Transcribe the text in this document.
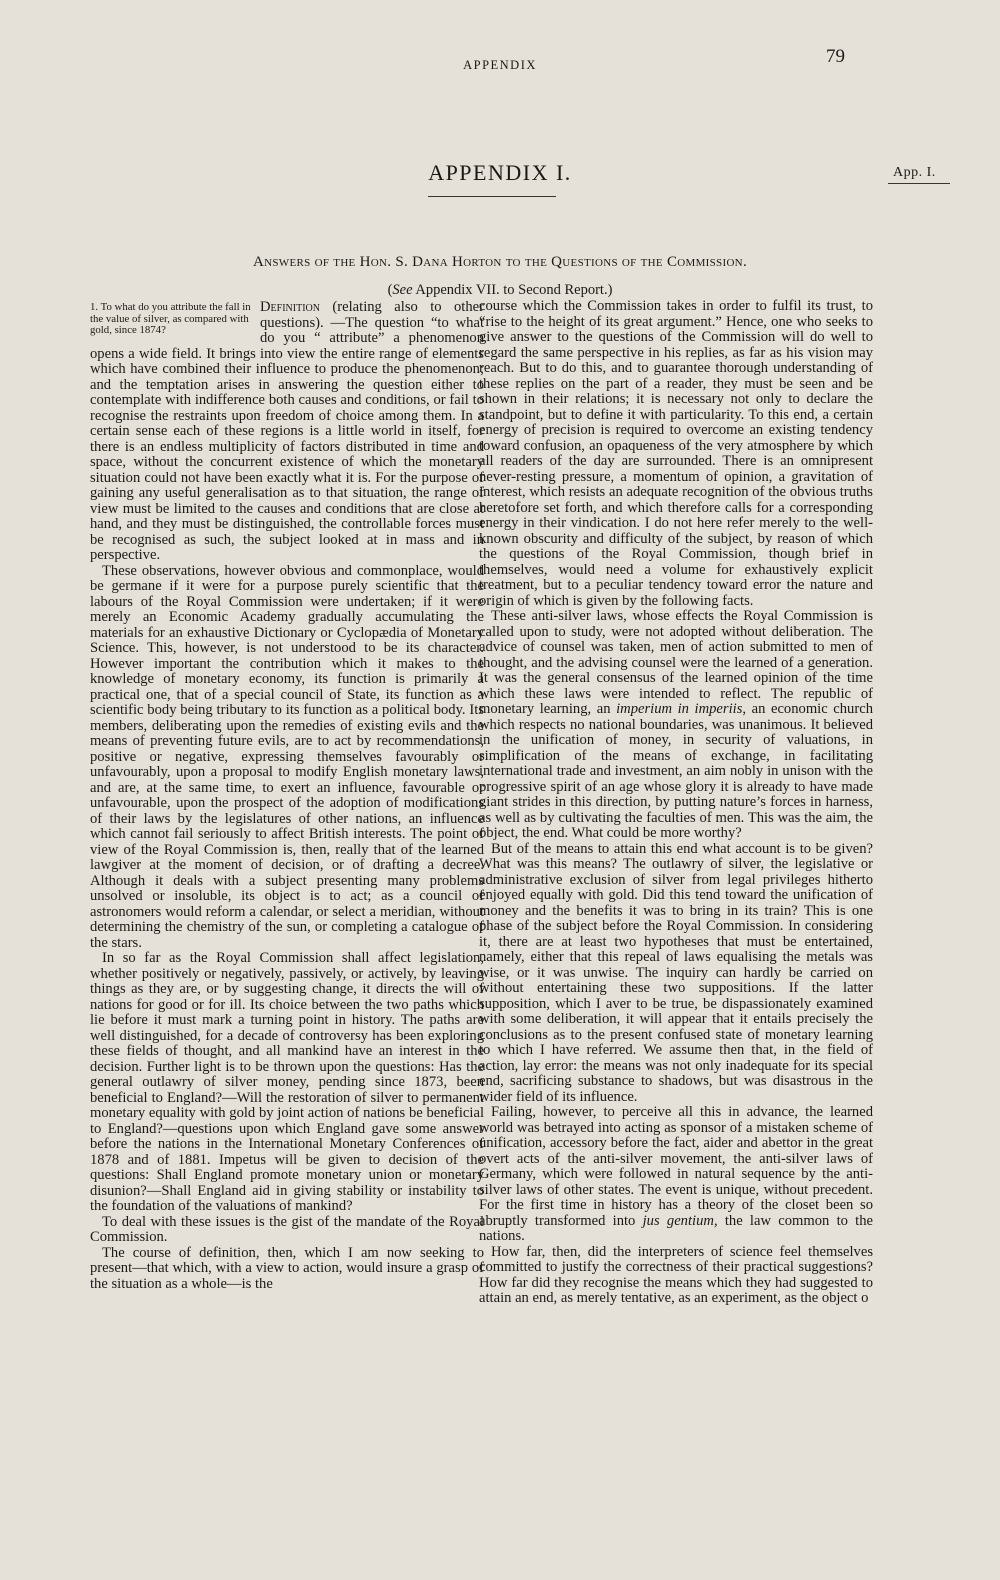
APPENDIX	79
APPENDIX I.	App. I.
Answers of the Hon. S. Dana Horton to the Questions of the Commission.
(See Appendix VII. to Second Report.)

1. To what do you attribute the fall in the value of silver, as compared with gold, since 1874?
Definition (relating also to other questions). —The question “to what do you “ attribute” a phenomenon opens a wide field. It brings into view the entire range of elements which have combined their influence to produce the phenomenon; and the temptation arises in answering the question either to contemplate with indifference both causes and conditions, or fail to recognise the restraints upon freedom of choice among them. In a certain sense each of these regions is a little world in itself, for there is an endless multiplicity of factors distributed in time and space, without the concurrent existence of which the monetary situation could not have been exactly what it is. For the purpose of gaining any useful generalisation as to that situation, the range of view must be limited to the causes and conditions that are close at hand, and they must be distinguished, the controllable forces must be recognised as such, the subject looked at in mass and in perspective.

These observations, however obvious and commonplace, would be germane if it were for a purpose purely scientific that the labours of the Royal Commission were undertaken; if it were merely an Economic Academy gradually accumulating the materials for an exhaustive Dictionary or Cyclopædia of Monetary Science. This, however, is not understood to be its character. However important the contribution which it makes to the knowledge of monetary economy, its function is primarily a practical one, that of a special council of State, its function as a scientific body being tributary to its function as a political body. Its members, deliberating upon the remedies of existing evils and the means of preventing future evils, are to act by recommendations, positive or negative, expressing themselves favourably or unfavourably, upon a proposal to modify English monetary laws, and are, at the same time, to exert an influence, favourable or unfavourable, upon the prospect of the adoption of modifications of their laws by the legislatures of other nations, an influence which cannot fail seriously to affect British interests. The point of view of the Royal Commission is, then, really that of the learned lawgiver at the moment of decision, or of drafting a decree. Although it deals with a subject presenting many problems unsolved or insoluble, its object is to act; as a council of astronomers would reform a calendar, or select a meridian, without determining the chemistry of the sun, or completing a catalogue of the stars.

In so far as the Royal Commission shall affect legislation, whether positively or negatively, passively, or actively, by leaving things as they are, or by suggesting change, it directs the will of nations for good or for ill. Its choice between the two paths which lie before it must mark a turning point in history. The paths are well distinguished, for a decade of controversy has been exploring these fields of thought, and all mankind have an interest in the decision. Further light is to be thrown upon the questions: Has the general outlawry of silver money, pending since 1873, been beneficial to England?—Will the restoration of silver to permanent monetary equality with gold by joint action of nations be beneficial to England?—questions upon which England gave some answer before the nations in the International Monetary Conferences of 1878 and of 1881. Impetus will be given to decision of the questions: Shall England promote monetary union or monetary disunion?—Shall England aid in giving stability or instability to the foundation of the valuations of mankind?

To deal with these issues is the gist of the mandate of the Royal Commission.

The course of definition, then, which I am now seeking to present—that which, with a view to action, would insure a grasp of the situation as a whole—is the

course which the Commission takes in order to fulfil its trust, to “rise to the height of its great argument.” Hence, one who seeks to give answer to the questions of the Commission will do well to regard the same perspective in his replies, as far as his vision may reach. But to do this, and to guarantee thorough understanding of these replies on the part of a reader, they must be seen and be shown in their relations; it is necessary not only to declare the standpoint, but to define it with particularity. To this end, a certain energy of precision is required to overcome an existing tendency toward confusion, an opaqueness of the very atmosphere by which all readers of the day are surrounded. There is an omnipresent never-resting pressure, a momentum of opinion, a gravitation of interest, which resists an adequate recognition of the obvious truths heretofore set forth, and which therefore calls for a corresponding energy in their vindication. I do not here refer merely to the well-known obscurity and difficulty of the subject, by reason of which the questions of the Royal Commission, though brief in themselves, would need a volume for exhaustively explicit treatment, but to a peculiar tendency toward error the nature and origin of which is given by the following facts.

These anti-silver laws, whose effects the Royal Commission is called upon to study, were not adopted without deliberation. The advice of counsel was taken, men of action submitted to men of thought, and the advising counsel were the learned of a generation. It was the general consensus of the learned opinion of the time which these laws were intended to reflect. The republic of monetary learning, an imperium in imperiis, an economic church which respects no national boundaries, was unanimous. It believed in the unification of money, in security of valuations, in simplification of the means of exchange, in facilitating international trade and investment, an aim nobly in unison with the progressive spirit of an age whose glory it is already to have made giant strides in this direction, by putting nature’s forces in harness, as well as by cultivating the faculties of men. This was the aim, the object, the end. What could be more worthy?

But of the means to attain this end what account is to be given? What was this means? The outlawry of silver, the legislative or administrative exclusion of silver from legal privileges hitherto enjoyed equally with gold. Did this tend toward the unification of money and the benefits it was to bring in its train? This is one phase of the subject before the Royal Commission. In considering it, there are at least two hypotheses that must be entertained, namely, either that this repeal of laws equalising the metals was wise, or it was unwise. The inquiry can hardly be carried on without entertaining these two suppositions. If the latter supposition, which I aver to be true, be dispassionately examined with some deliberation, it will appear that it entails precisely the conclusions as to the present confused state of monetary learning to which I have referred. We assume then that, in the field of action, lay error: the means was not only inadequate for its special end, sacrificing substance to shadows, but was disastrous in the wider field of its influence.

Failing, however, to perceive all this in advance, the learned world was betrayed into acting as sponsor of a mistaken scheme of unification, accessory before the fact, aider and abettor in the great overt acts of the anti-silver movement, the anti-silver laws of Germany, which were followed in natural sequence by the anti-silver laws of other states. The event is unique, without precedent. For the first time in history has a theory of the closet been so abruptly transformed into jus gentium, the law common to the nations.

How far, then, did the interpreters of science feel themselves committed to justify the correctness of their practical suggestions? How far did they recognise the means which they had suggested to attain an end, as merely tentative, as an experiment, as the object o
